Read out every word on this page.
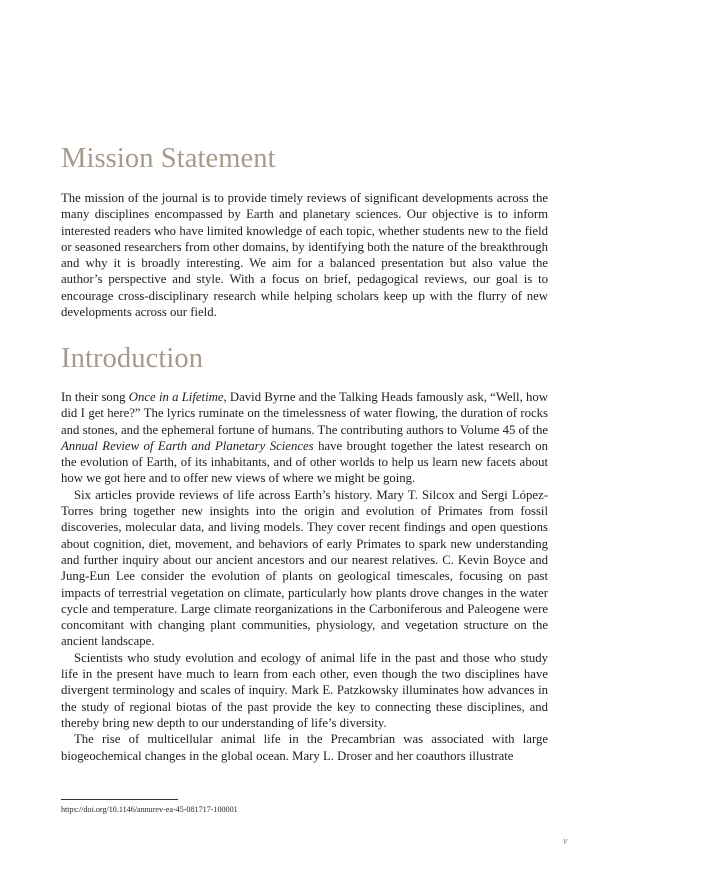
Mission Statement

The mission of the journal is to provide timely reviews of significant developments across the many disciplines encompassed by Earth and planetary sciences. Our objective is to inform interested readers who have limited knowledge of each topic, whether students new to the field or seasoned researchers from other domains, by identifying both the nature of the breakthrough and why it is broadly interesting. We aim for a balanced presentation but also value the author’s perspective and style. With a focus on brief, pedagogical reviews, our goal is to encourage cross-disciplinary research while helping scholars keep up with the flurry of new developments across our field.

Introduction

In their song Once in a Lifetime, David Byrne and the Talking Heads famously ask, “Well, how did I get here?” The lyrics ruminate on the timelessness of water flowing, the duration of rocks and stones, and the ephemeral fortune of humans. The contributing authors to Volume 45 of the Annual Review of Earth and Planetary Sciences have brought together the latest research on the evolution of Earth, of its inhabitants, and of other worlds to help us learn new facets about how we got here and to offer new views of where we might be going.

Six articles provide reviews of life across Earth’s history. Mary T. Silcox and Sergi López-Torres bring together new insights into the origin and evolution of Primates from fossil discoveries, molecular data, and living models. They cover recent findings and open questions about cognition, diet, movement, and behaviors of early Primates to spark new understanding and further inquiry about our ancient ancestors and our nearest relatives. C. Kevin Boyce and Jung-Eun Lee consider the evolution of plants on geological timescales, focusing on past impacts of terrestrial vegetation on climate, particularly how plants drove changes in the water cycle and temperature. Large climate reorganizations in the Carboniferous and Paleogene were concomitant with changing plant communities, physiology, and vegetation structure on the ancient landscape.

Scientists who study evolution and ecology of animal life in the past and those who study life in the present have much to learn from each other, even though the two disciplines have divergent terminology and scales of inquiry. Mark E. Patzkowsky illuminates how advances in the study of regional biotas of the past provide the key to connecting these disciplines, and thereby bring new depth to our understanding of life’s diversity.

The rise of multicellular animal life in the Precambrian was associated with large biogeochemical changes in the global ocean. Mary L. Droser and her coauthors illustrate

https://doi.org/10.1146/annurev-ea-45-081717-100001
v
